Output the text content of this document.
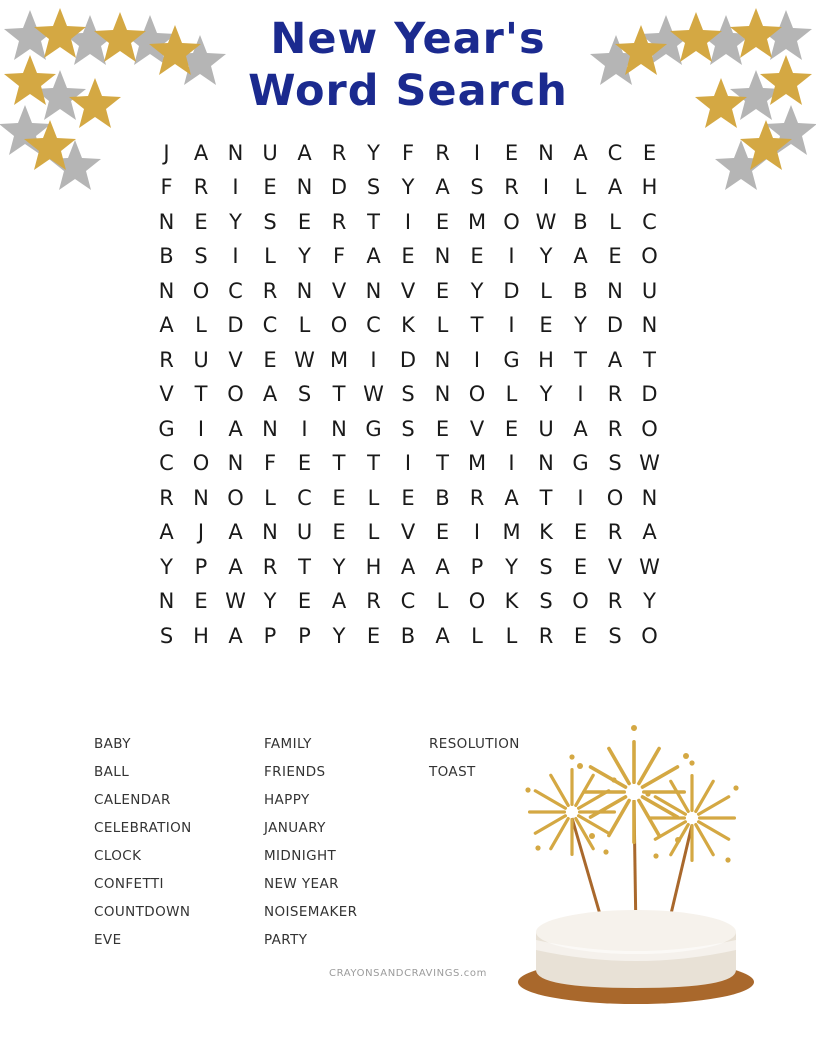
New Year's
Word Search
J	A N U A R Y	F	R	I	E N A C E
F	R	I	E N D S	Y A S R	I	L	A H
N E	Y	S	E R T	I	E M O W B	L	C
B S	I	L	Y	F	A E N E	I	Y A E O
N O C R N V N V E	Y D L	B N U
A	L D C	L O C K	L	T	I	E	Y D N
R U V E W M	I	D N	I	G H T A T
V T O A S	T W S N O L	Y	I	R D
G	I	A N	I	N G S	E V E U A R O
C O N F	E	T	T	I	T M	I	N G S W
R N O L	C E	L	E B R A T	I	O N
A	J	A N U E	L	V E	I	M K E R A
Y	P A R T	Y H A A P	Y	S	E V W
N E W Y	E A R C	L O K S O R Y
S H A P	P	Y	E B A	L	L	R E	S O
BABY
BALL
CALENDAR
CELEBRATION
CLOCK
CONFETTI
COUNTDOWN
EVE
FAMILY
FRIENDS
HAPPY
JANUARY
MIDNIGHT
NEW YEAR
NOISEMAKER
PARTY
RESOLUTION
TOAST
CRAYONSANDCRAVINGS.com
